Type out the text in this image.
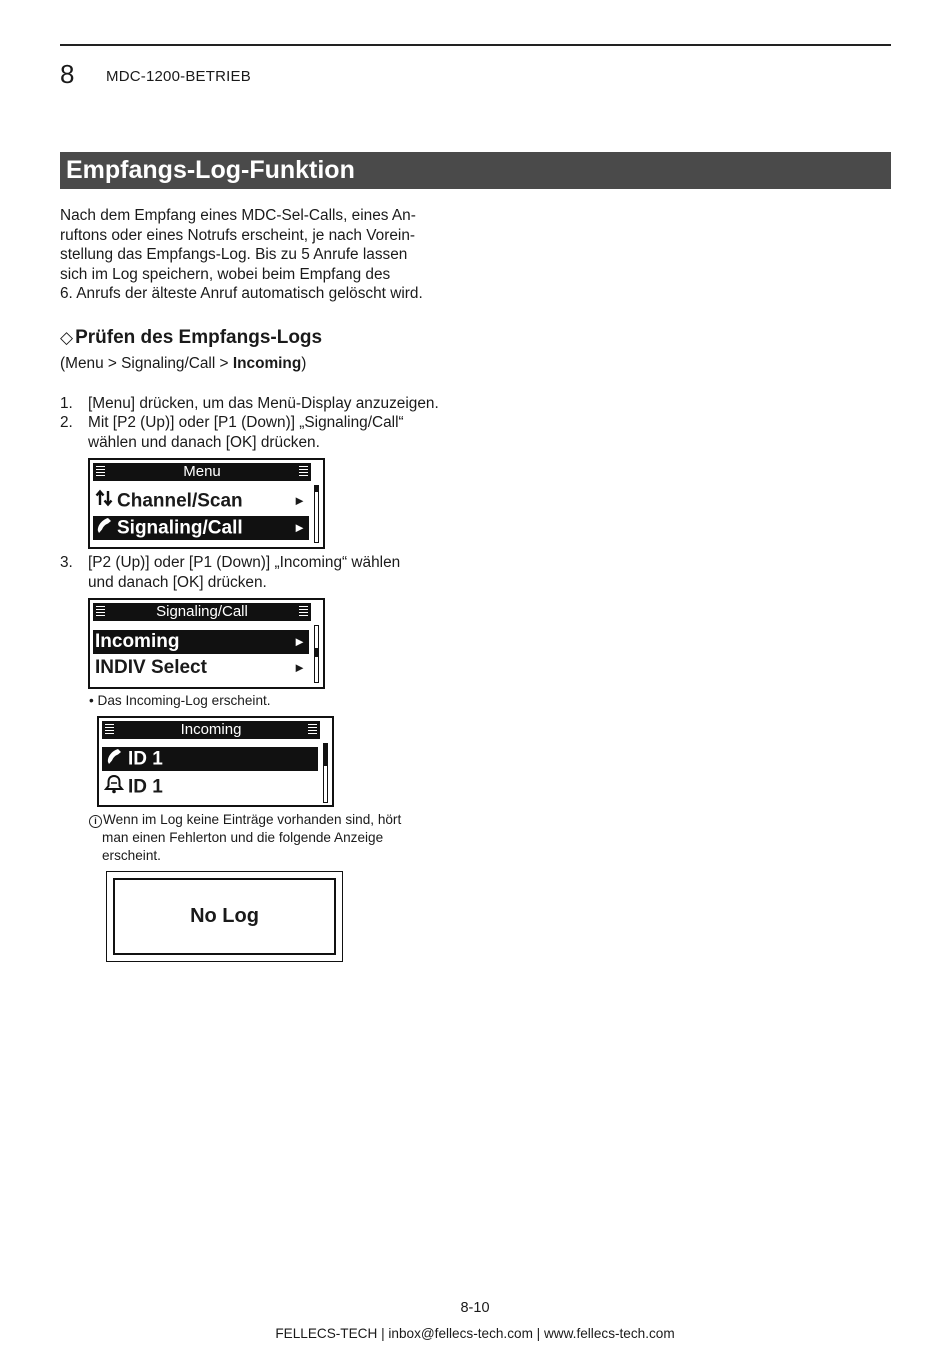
8 MDC-1200-BETRIEB
Empfangs-Log-Funktion
Nach dem Empfang eines MDC-Sel-Calls, eines An-
ruftons oder eines Notrufs erscheint, je nach Vorein-
stellung das Empfangs-Log. Bis zu 5 Anrufe lassen
sich im Log speichern, wobei beim Empfang des
6. Anrufs der älteste Anruf automatisch gelöscht wird.
◇ Prüfen des Empfangs-Logs
(Menu > Signaling/Call > Incoming)
1. [Menu] drücken, um das Menü-Display anzuzeigen.
2. Mit [P2 (Up)] oder [P1 (Down)] „Signaling/Call“
wählen und danach [OK] drücken.
Menu
Channel/Scan	►
Signaling/Call	►
3. [P2 (Up)] oder [P1 (Down)] „Incoming“ wählen
und danach [OK] drücken.
Signaling/Call
Incoming	►
INDIV Select	►
• Das Incoming-Log erscheint.
Incoming
ID 1
ID 1
i Wenn im Log keine Einträge vorhanden sind, hört
man einen Fehlerton und die folgende Anzeige
erscheint.
No Log
8-10
FELLECS-TECH | inbox@fellecs-tech.com | www.fellecs-tech.com
